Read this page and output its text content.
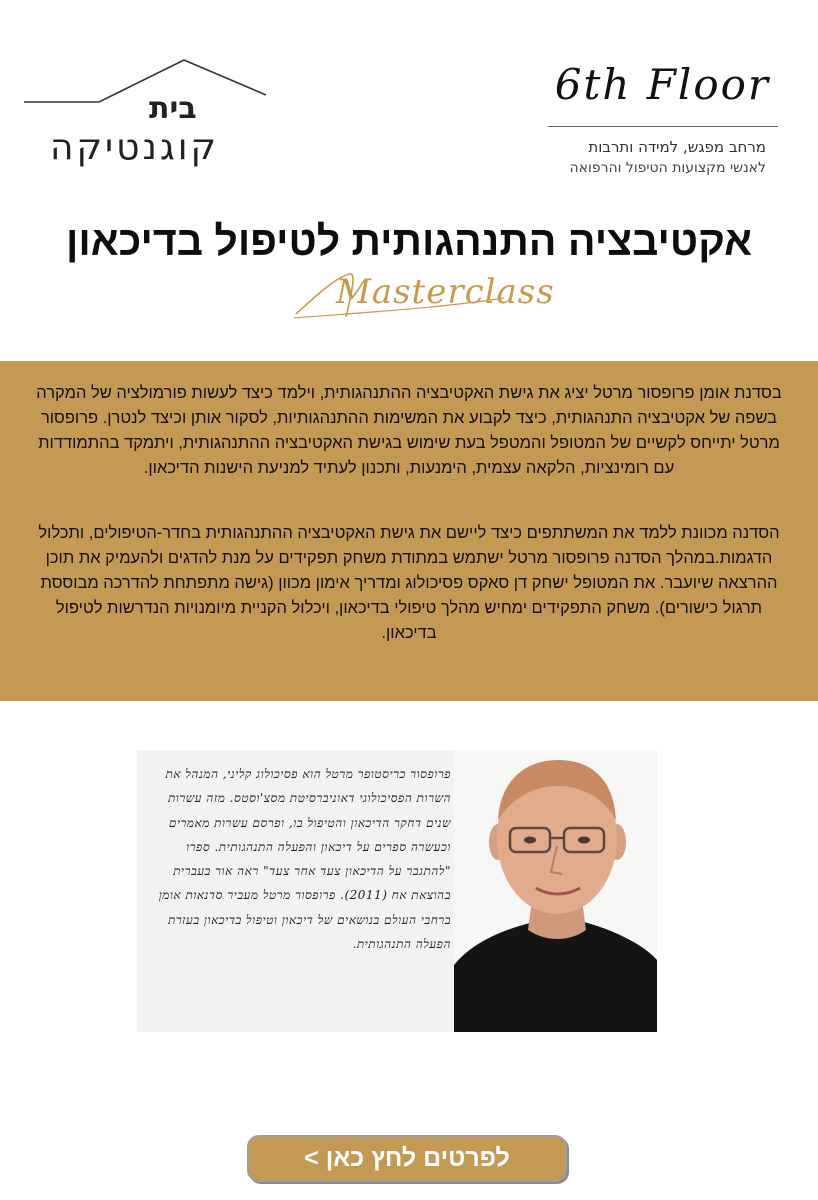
בית
קוגנטיקה
6th Floor
מרחב מפגש, למידה ותרבות
לאנשי מקצועות הטיפול והרפואה
אקטיבציה התנהגותית לטיפול בדיכאון
Masterclass

בסדנת אומן פרופסור מרטל יציג את גישת האקטיבציה ההתנהגותית, וילמד כיצד לעשות פורמולציה של המקרה בשפה של אקטיבציה התנהגותית, כיצד לקבוע את המשימות ההתנהגותיות, לסקור אותן וכיצד לנטרן. פרופסור מרטל יתייחס לקשיים של המטופל והמטפל בעת שימוש בגישת האקטיבציה ההתנהגותית, ויתמקד בהתמודדות עם רומינציות, הלקאה עצמית, הימנעות, ותכנון לעתיד למניעת הישנות הדיכאון.

הסדנה מכוונת ללמד את המשתתפים כיצד ליישם את גישת האקטיבציה ההתנהגותית בחדר-הטיפולים, ותכלול הדגמות.במהלך הסדנה פרופסור מרטל ישתמש במתודת משחק תפקידים על מנת להדגים ולהעמיק את תוכן ההרצאה שיועבר. את המטופל ישחק דן סאקס פסיכולוג ומדריך אימון מכוון (גישה מתפתחת להדרכה מבוססת תרגול כישורים). משחק התפקידים ימחיש מהלך טיפולי בדיכאון, ויכלול הקניית מיומנויות הנדרשות לטיפול בדיכאון.

פרופסור כריסטופר מרטל הוא פסיכולוג קליני, המנהל את השרות הפסיכולוגי דאוניברסיטת מסצ'וסטס. מזה עשרות שנים דחקר הדיכאון והטיפול בו, ופרסם עשרות מאמרים וכעשרה ספרים על דיכאון והפעלה התנהגותית. ספרו "להתגבר על הדיכאון צעד אחר צעד" ראה אור בעברית בהוצאת אח (2011). פרופסור מרטל מעביר סדנאות אומן ברחבי העולם בנושאים של דיכאון וטיפול בדיכאון בעזרת הפעלה התנהגותית.
לפרטים לחץ כאן >
